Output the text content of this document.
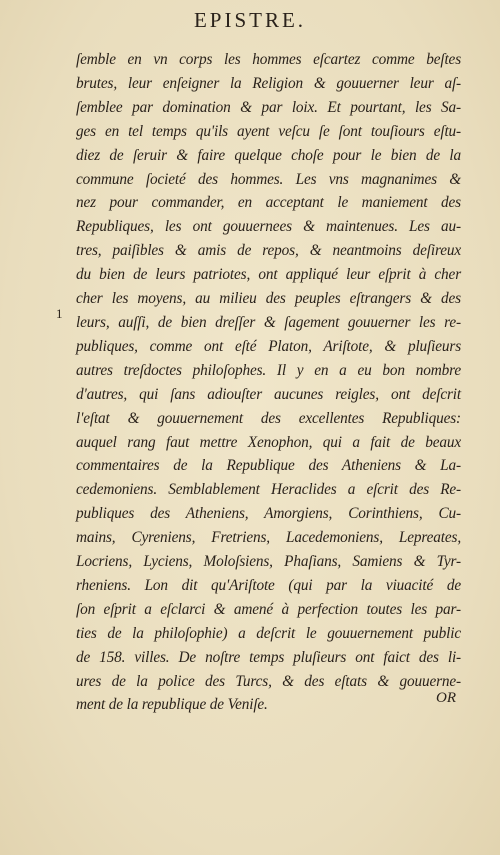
EPISTRE.
1
ſemble en vn corps les hommes eſcartez comme beſtes
brutes, leur enſeigner la Religion & gouuerner leur aſ-
ſemblee par domination & par loix. Et pourtant, les Sa-
ges en tel temps qu'ils ayent veſcu ſe ſont touſiours eſtu-
diez de ſeruir & faire quelque choſe pour le bien de la
commune ſocieté des hommes. Les vns magnanimes &
nez pour commander, en acceptant le maniement des
Republiques, les ont gouuernees & maintenues. Les au-
tres, paiſibles & amis de repos, & neantmoins deſireux
du bien de leurs patriotes, ont appliqué leur eſprit à cher
cher les moyens, au milieu des peuples eſtrangers & des
leurs, auſſi, de bien dreſſer & ſagement gouuerner les re-
publiques, comme ont eſté Platon, Ariſtote, & pluſieurs
autres treſdoctes philoſophes. Il y en a eu bon nombre
d'autres, qui ſans adiouſter aucunes reigles, ont deſcrit
l'eſtat & gouuernement des excellentes Republiques:
auquel rang faut mettre Xenophon, qui a fait de beaux
commentaires de la Republique des Atheniens & La-
cedemoniens. Semblablement Heraclides a eſcrit des Re-
publiques des Atheniens, Amorgiens, Corinthiens, Cu-
mains, Cyreniens, Fretriens, Lacedemoniens, Lepreates,
Locriens, Lyciens, Moloſsiens, Phaſians, Samiens & Tyr-
rheniens. Lon dit qu'Ariſtote (qui par la viuacité de
ſon eſprit a eſclarci & amené à perfection toutes les par-
ties de la philoſophie) a deſcrit le gouuernement public
de 158. villes. De noſtre temps pluſieurs ont faict des li-
ures de la police des Turcs, & des eſtats & gouuerne-
ment de la republique de Veniſe.	OR
